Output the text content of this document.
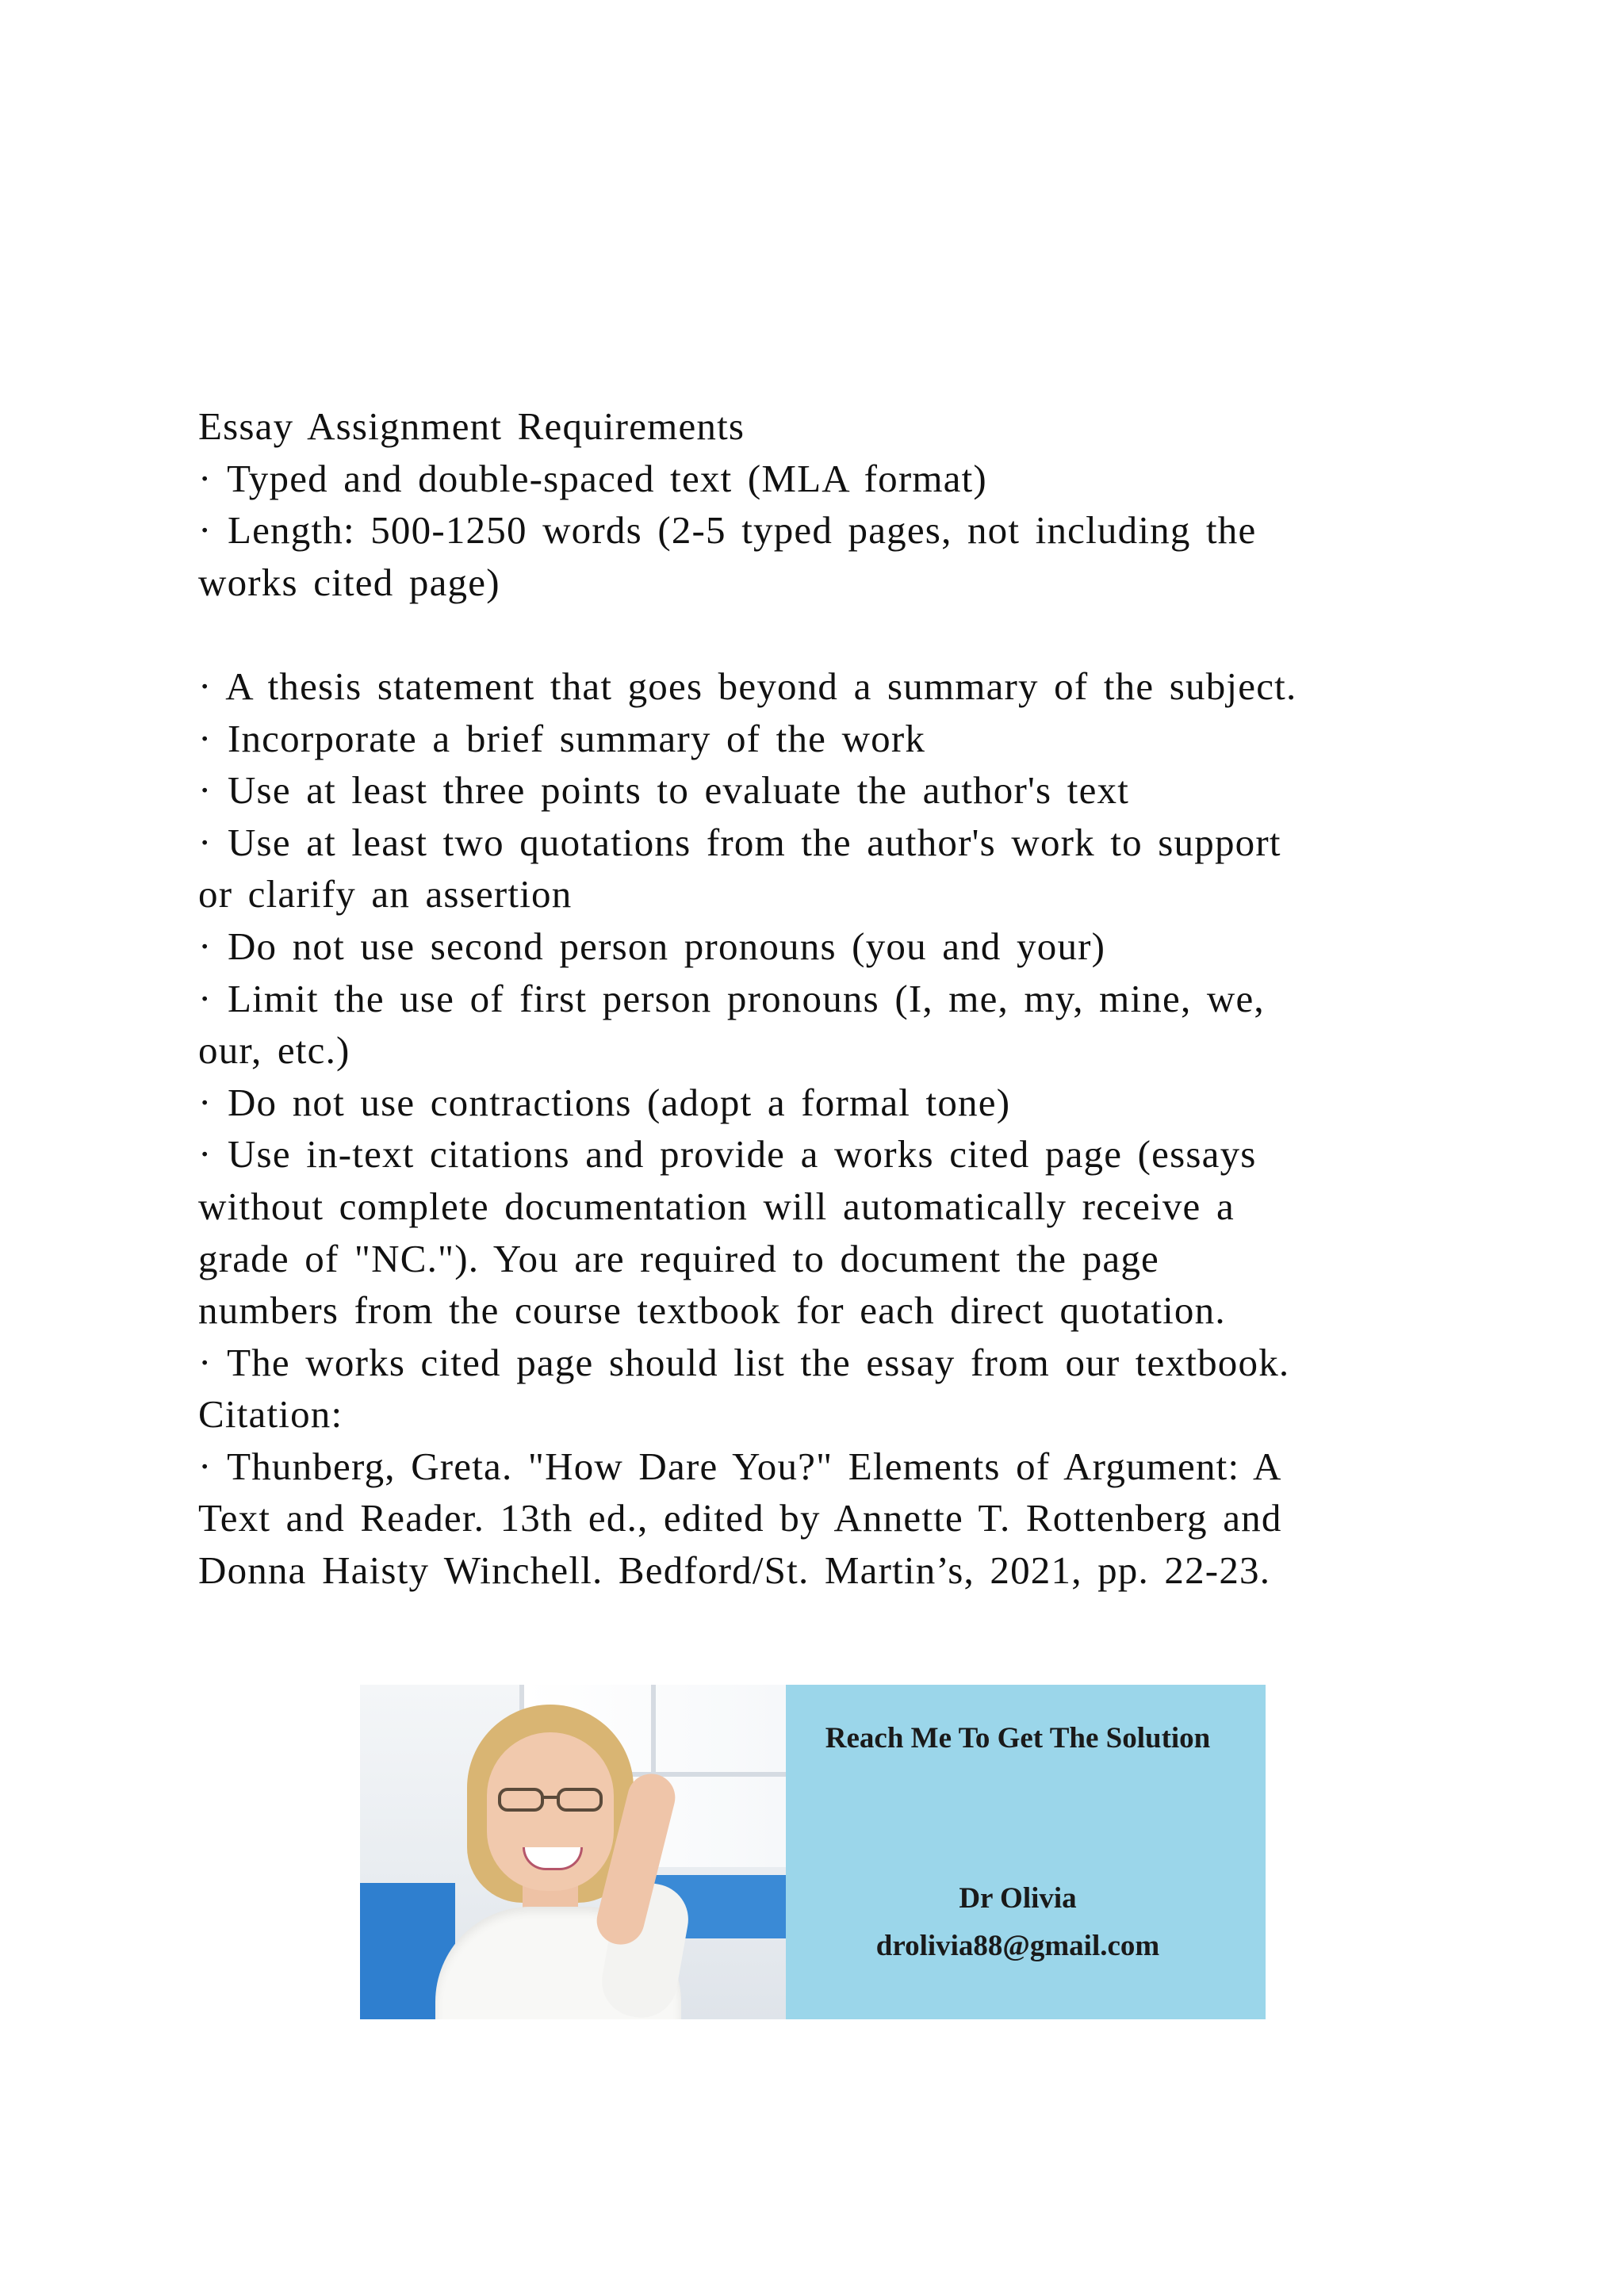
Essay Assignment Requirements
· Typed and double-spaced text (MLA format)
· Length: 500-1250 words (2-5 typed pages, not including the
works cited page)
· A thesis statement that goes beyond a summary of the subject.
· Incorporate a brief summary of the work
· Use at least three points to evaluate the author's text
· Use at least two quotations from the author's work to support
or clarify an assertion
· Do not use second person pronouns (you and your)
· Limit the use of first person pronouns (I, me, my, mine, we,
our, etc.)
· Do not use contractions (adopt a formal tone)
· Use in-text citations and provide a works cited page (essays
without complete documentation will automatically receive a
grade of "NC."). You are required to document the page
numbers from the course textbook for each direct quotation.
· The works cited page should list the essay from our textbook.
Citation:
· Thunberg, Greta. "How Dare You?" Elements of Argument: A
Text and Reader. 13th ed., edited by Annette T. Rottenberg and
Donna Haisty Winchell. Bedford/St. Martin’s, 2021, pp. 22-23.
Reach Me To Get The Solution
Dr Olivia
drolivia88@gmail.com
